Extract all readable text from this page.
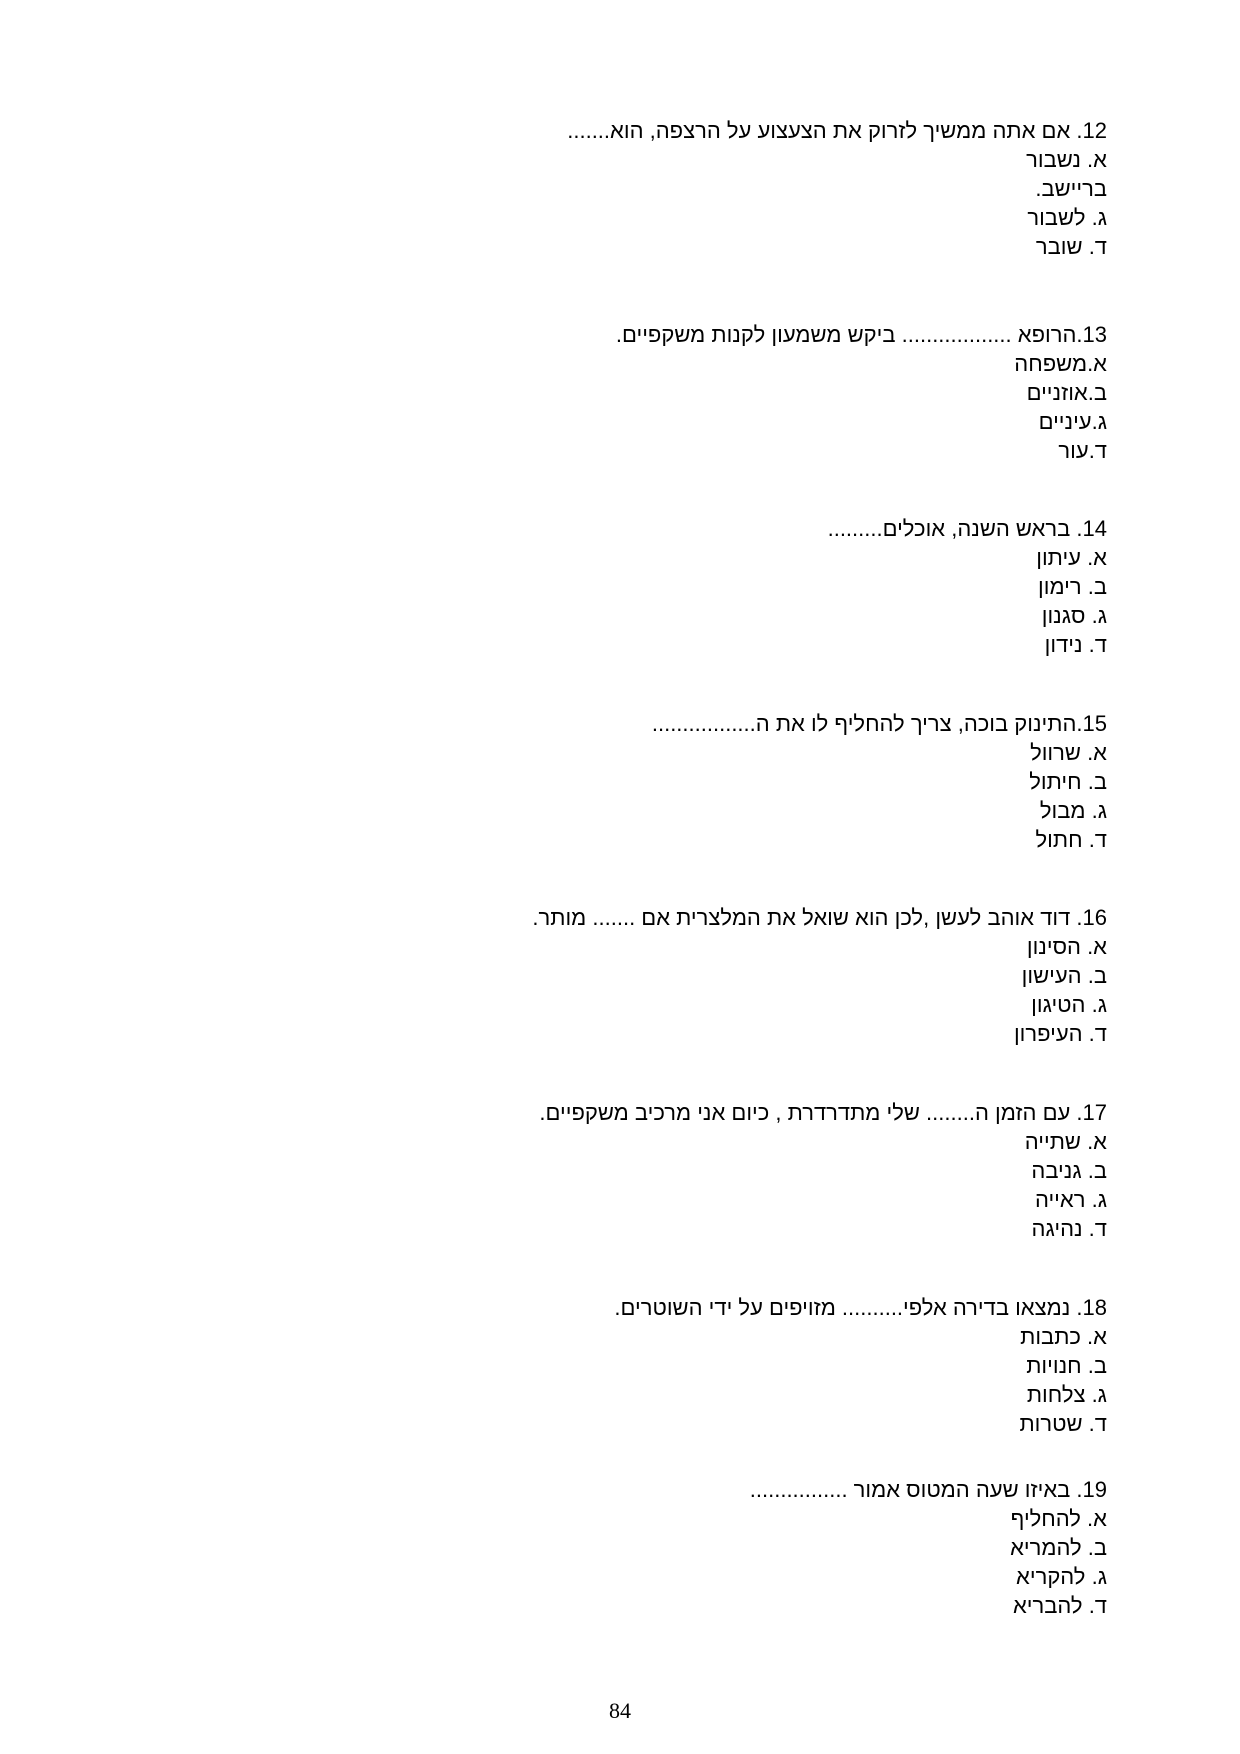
12. אם אתה ממשיך לזרוק את הצעצוע על הרצפה, הוא.......
א. נשבור
בריישב.
ג. לשבור
ד. שובר
13.הרופא .................. ביקש משמעון לקנות משקפיים.
א.משפחה
ב.אוזניים
ג.עיניים
ד.עור
14. בראש השנה, אוכלים.........
א. עיתון
ב. רימון
ג. סגנון
ד. נידון
15.התינוק בוכה, צריך להחליף לו את ה.................
א. שרוול
ב. חיתול
ג. מבול
ד. חתול
16. דוד אוהב לעשן ,לכן הוא שואל את המלצרית אם ....... מותר.
א. הסינון
ב. העישון
ג. הטיגון
ד. העיפרון
17. עם הזמן ה........ שלי מתדרדרת , כיום אני מרכיב משקפיים.
א. שתייה
ב. גניבה
ג. ראייה
ד. נהיגה
18. נמצאו בדירה אלפי.......... מזויפים על ידי השוטרים.
א. כתבות
ב. חנויות
ג. צלחות
ד. שטרות
19. באיזו שעה המטוס אמור ................
א. להחליף
ב. להמריא
ג. להקריא
ד. להבריא
84
